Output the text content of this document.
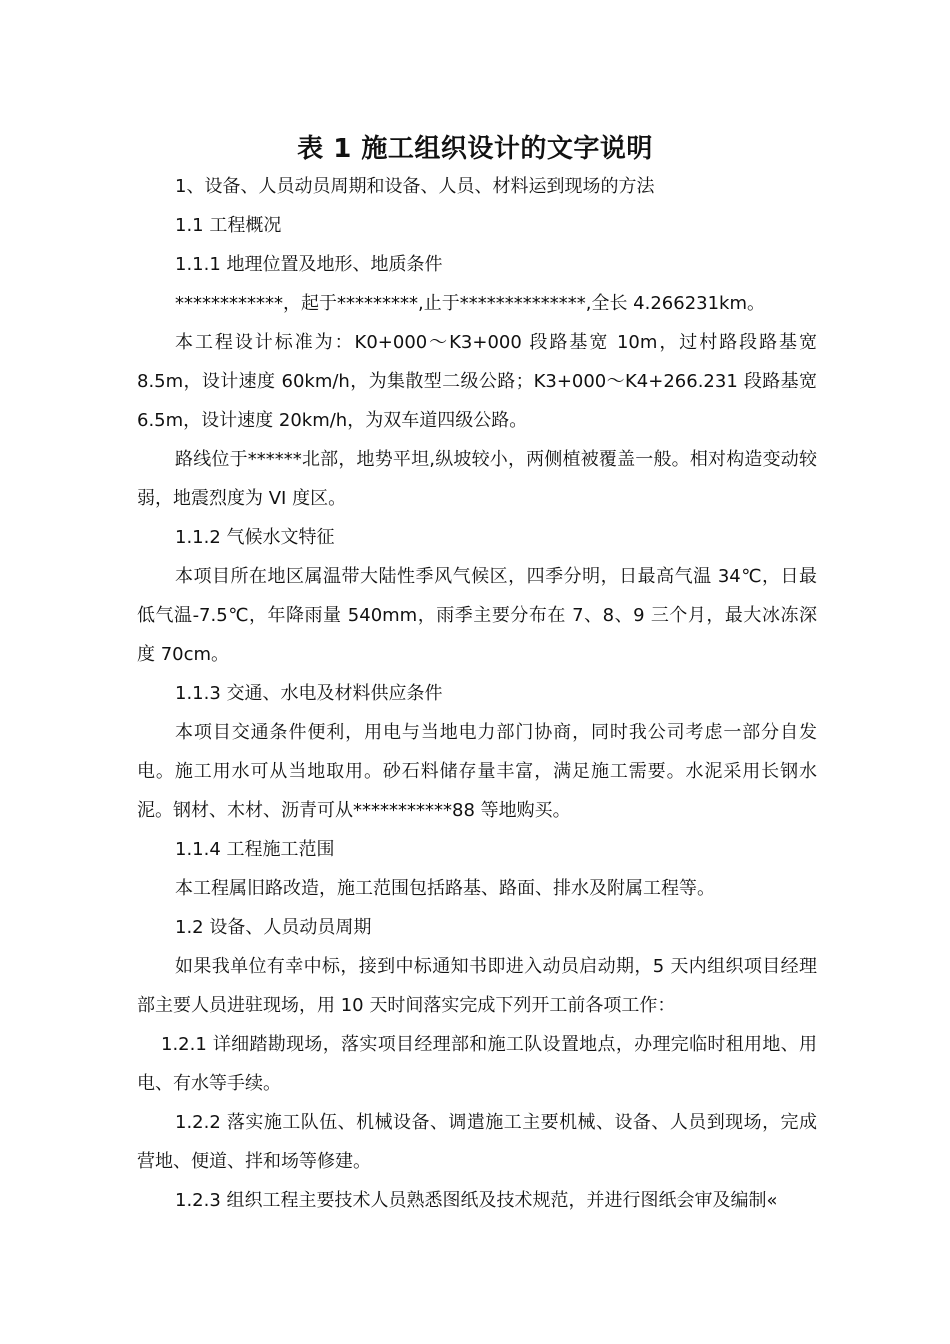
表 1 施工组织设计的文字说明

1、设备、人员动员周期和设备、人员、材料运到现场的方法

1.1 工程概况

1.1.1 地理位置及地形、地质条件

************，起于*********,止于**************,全长 4.266231km。

本工程设计标准为：K0+000～K3+000 段路基宽 10m，过村路段路基宽 8.5m，设计速度 60km/h，为集散型二级公路；K3+000～K4+266.231 段路基宽 6.5m，设计速度 20km/h，为双车道四级公路。

路线位于******北部，地势平坦,纵坡较小，两侧植被覆盖一般。相对构造变动较弱，地震烈度为 VI 度区。

1.1.2 气候水文特征

本项目所在地区属温带大陆性季风气候区，四季分明，日最高气温 34℃，日最低气温-7.5℃，年降雨量 540mm，雨季主要分布在 7、8、9 三个月，最大冰冻深度 70cm。

1.1.3 交通、水电及材料供应条件

本项目交通条件便利，用电与当地电力部门协商，同时我公司考虑一部分自发电。施工用水可从当地取用。砂石料储存量丰富，满足施工需要。水泥采用长钢水泥。钢材、木材、沥青可从***********88 等地购买。

1.1.4 工程施工范围

本工程属旧路改造，施工范围包括路基、路面、排水及附属工程等。

1.2 设备、人员动员周期

如果我单位有幸中标，接到中标通知书即进入动员启动期，5 天内组织项目经理部主要人员进驻现场，用 10 天时间落实完成下列开工前各项工作：

1.2.1 详细踏勘现场，落实项目经理部和施工队设置地点，办理完临时租用地、用电、有水等手续。

1.2.2 落实施工队伍、机械设备、调遣施工主要机械、设备、人员到现场，完成营地、便道、拌和场等修建。

1.2.3 组织工程主要技术人员熟悉图纸及技术规范，并进行图纸会审及编制«
